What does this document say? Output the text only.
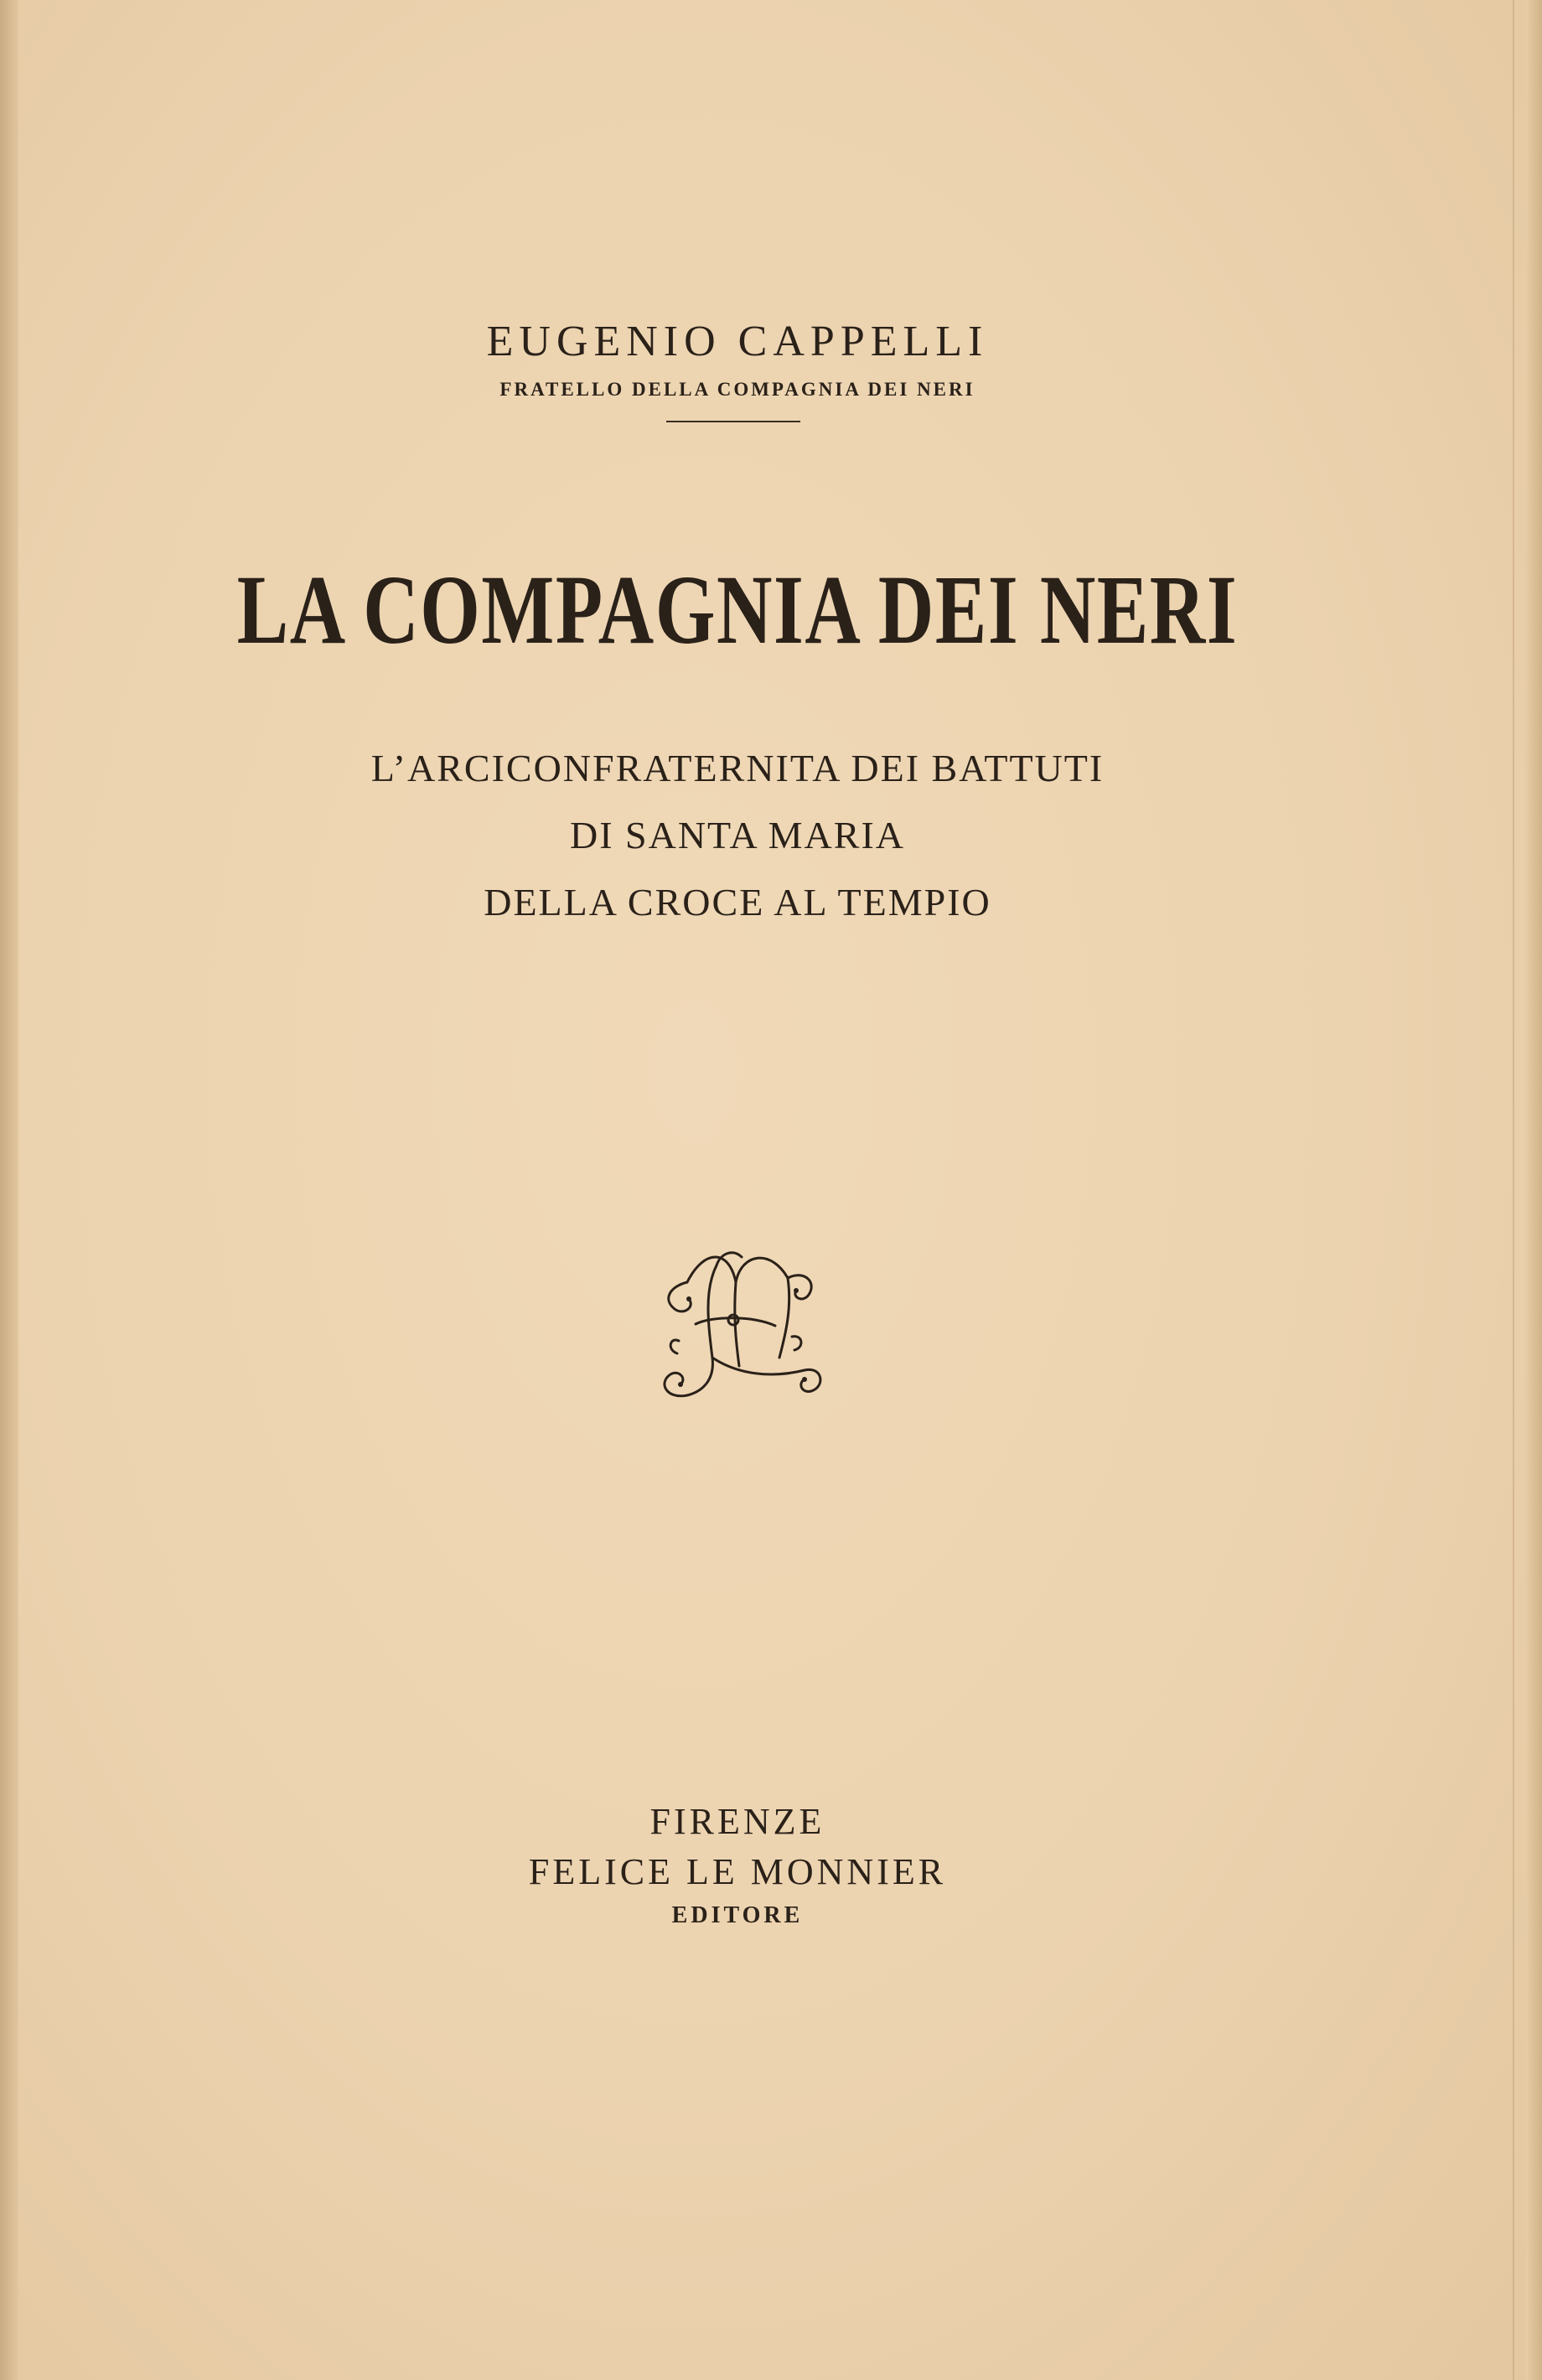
EUGENIO CAPPELLI
FRATELLO DELLA COMPAGNIA DEI NERI
LA COMPAGNIA DEI NERI
L’ARCICONFRATERNITA DEI BATTUTI
DI SANTA MARIA
DELLA CROCE AL TEMPIO
FIRENZE
FELICE LE MONNIER
EDITORE
